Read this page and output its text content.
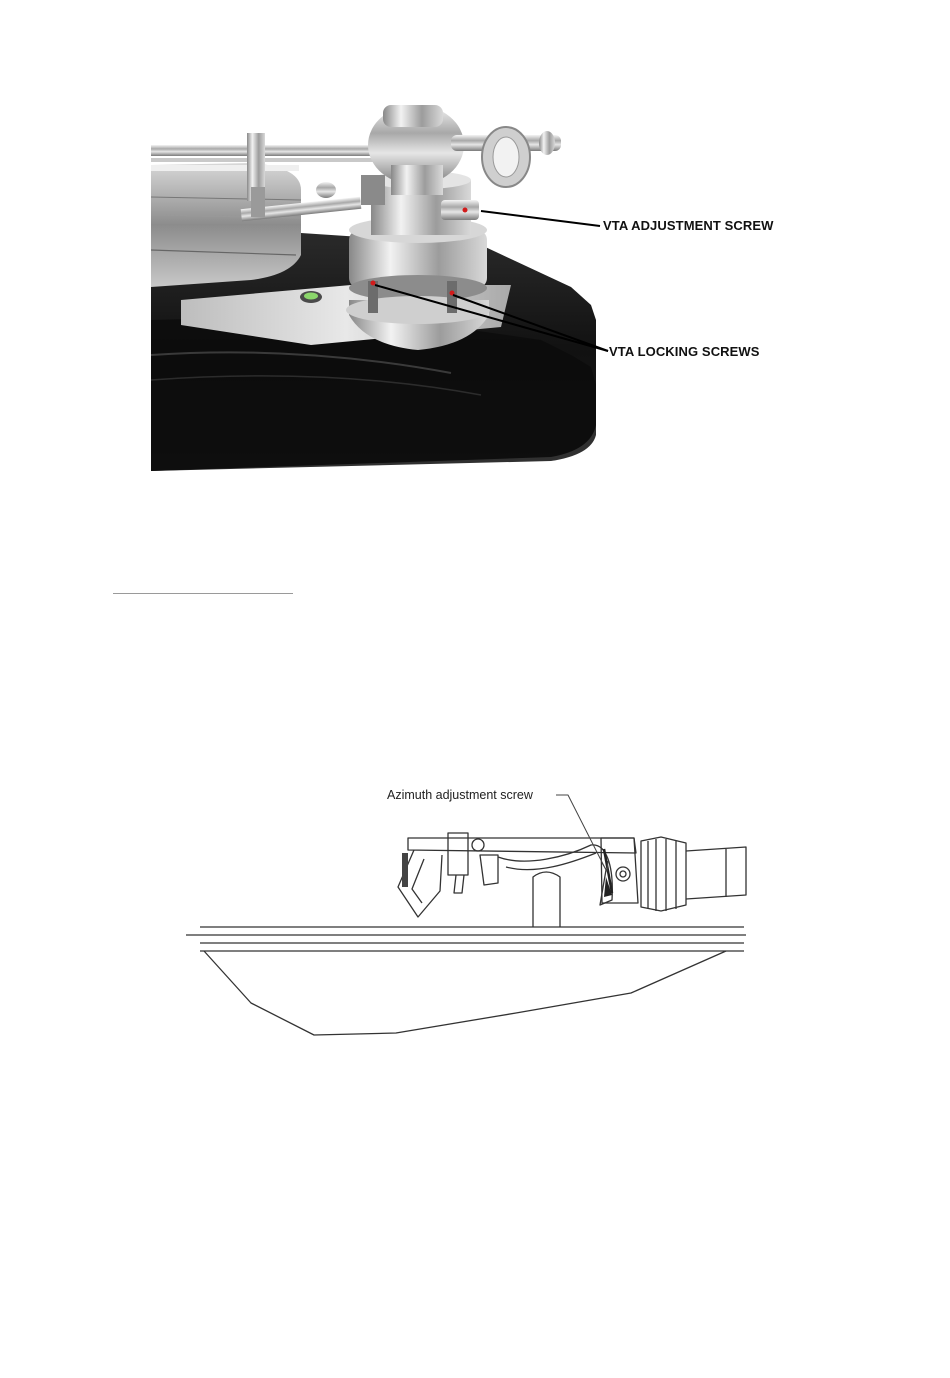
VTA ADJUSTMENT SCREW
VTA LOCKING SCREWS
Azimuth adjustment screw
